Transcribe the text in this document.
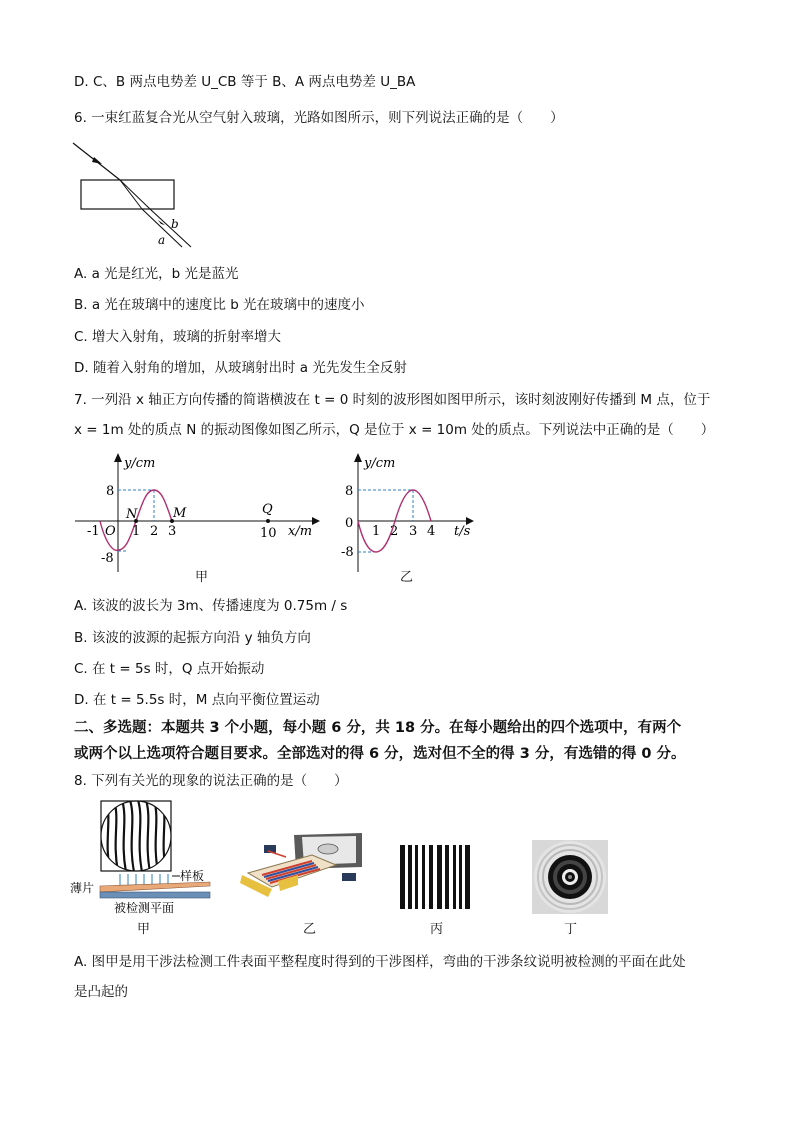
D. C、B 两点电势差 U_CB 等于 B、A 两点电势差 U_BA
6. 一束红蓝复合光从空气射入玻璃，光路如图所示，则下列说法正确的是（　　）
b
a
A. a 光是红光，b 光是蓝光
B. a 光在玻璃中的速度比 b 光在玻璃中的速度小
C. 增大入射角，玻璃的折射率增大
D. 随着入射角的增加，从玻璃射出时 a 光先发生全反射
7. 一列沿 x 轴正方向传播的简谐横波在 t = 0 时刻的波形图如图甲所示，该时刻波刚好传播到 M 点，位于
x = 1m 处的质点 N 的振动图像如图乙所示，Q 是位于 x = 10m 处的质点。下列说法中正确的是（　　）
y/cm
x/m
8
-8
-1 O 1 2 3	10
N	M	Q
甲
y/cm
t/s
8
0
-8
1 2 3 4
乙
A. 该波的波长为 3m、传播速度为 0.75m / s
B. 该波的波源的起振方向沿 y 轴负方向
C. 在 t = 5s 时，Q 点开始振动
D. 在 t = 5.5s 时，M 点向平衡位置运动
二、多选题：本题共 3 个小题，每小题 6 分，共 18 分。在每小题给出的四个选项中，有两个
或两个以上选项符合题目要求。全部选对的得 6 分，选对但不全的得 3 分，有选错的得 0 分。
8. 下列有关光的现象的说法正确的是（　　）
样板
薄片
被检测平面
甲	乙	丙	丁
A. 图甲是用干涉法检测工件表面平整程度时得到的干涉图样，弯曲的干涉条纹说明被检测的平面在此处
是凸起的
